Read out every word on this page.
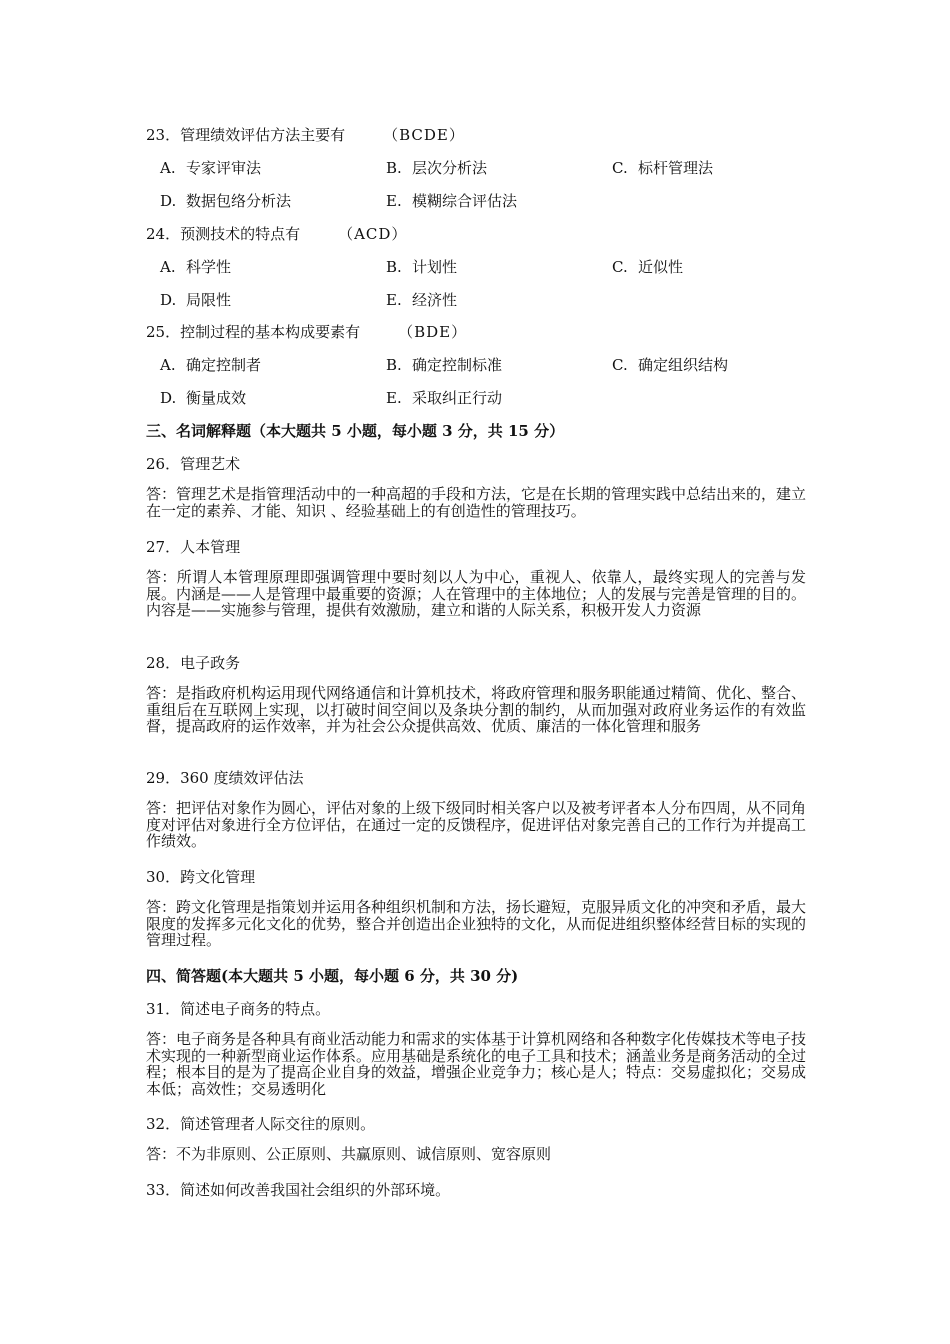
23．管理绩效评估方法主要有	（BCDE）
A. 专家评审法	B. 层次分析法	C. 标杆管理法
D. 数据包络分析法	E. 模糊综合评估法
24．预测技术的特点有	（ACD）
A. 科学性	B. 计划性	C. 近似性
D. 局限性	E. 经济性
25．控制过程的基本构成要素有	（BDE）
A. 确定控制者	B. 确定控制标准	C. 确定组织结构
D. 衡量成效	E. 采取纠正行动
三、名词解释题（本大题共 5 小题，每小题 3 分，共 15 分）
26．管理艺术
答：管理艺术是指管理活动中的一种高超的手段和方法，它是在长期的管理实践中总结出来的，建立在一定的素养、才能、知识 、经验基础上的有创造性的管理技巧。
27．人本管理
答：所谓人本管理原理即强调管理中要时刻以人为中心，重视人、依靠人，最终实现人的完善与发展。内涵是——人是管理中最重要的资源；人在管理中的主体地位；人的发展与完善是管理的目的。内容是——实施参与管理，提供有效激励，建立和谐的人际关系，积极开发人力资源
28．电子政务
答：是指政府机构运用现代网络通信和计算机技术，将政府管理和服务职能通过精简、优化、整合、重组后在互联网上实现，以打破时间空间以及条块分割的制约，从而加强对政府业务运作的有效监督，提高政府的运作效率，并为社会公众提供高效、优质、廉洁的一体化管理和服务
29．360 度绩效评估法
答：把评估对象作为圆心，评估对象的上级下级同时相关客户以及被考评者本人分布四周，从不同角度对评估对象进行全方位评估，在通过一定的反馈程序，促进评估对象完善自己的工作行为并提高工作绩效。
30．跨文化管理
答：跨文化管理是指策划并运用各种组织机制和方法，扬长避短，克服异质文化的冲突和矛盾，最大限度的发挥多元化文化的优势，整合并创造出企业独特的文化，从而促进组织整体经营目标的实现的管理过程。
四、简答题(本大题共 5 小题，每小题 6 分，共 30 分)
31．简述电子商务的特点。
答：电子商务是各种具有商业活动能力和需求的实体基于计算机网络和各种数字化传媒技术等电子技术实现的一种新型商业运作体系。应用基础是系统化的电子工具和技术；涵盖业务是商务活动的全过程；根本目的是为了提高企业自身的效益，增强企业竞争力；核心是人；特点：交易虚拟化；交易成本低；高效性；交易透明化
32．简述管理者人际交往的原则。
答：不为非原则、公正原则、共赢原则、诚信原则、宽容原则
33．简述如何改善我国社会组织的外部环境。
